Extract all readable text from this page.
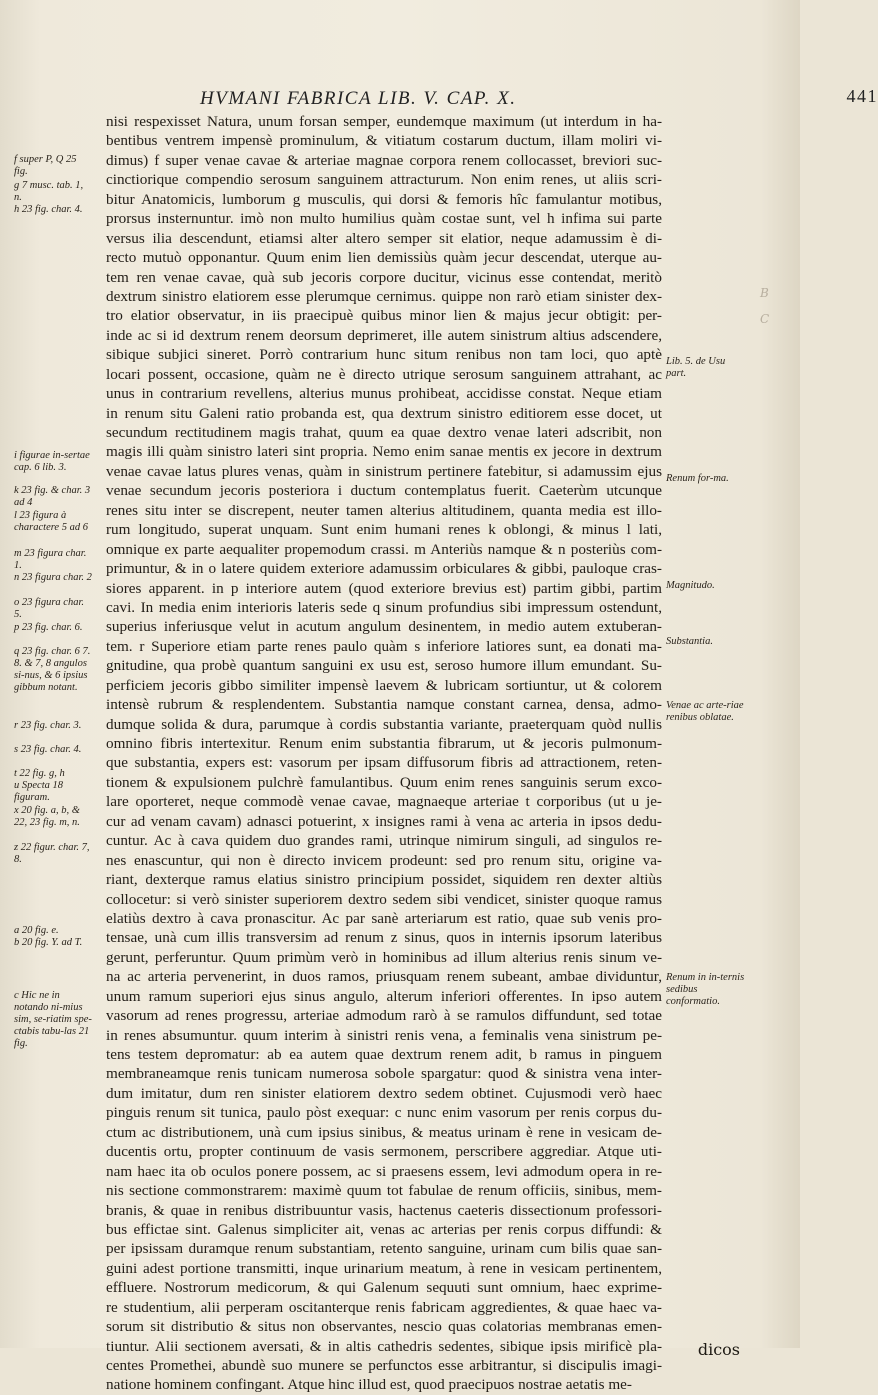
HVMANI FABRICA LIB. V. CAP. X.	441
nisi respexisset Natura, unum forsan semper, eundemque maximum (ut interdum in ha-
bentibus ventrem impensè prominulum, & vitiatum costarum ductum, illam moliri vi-
dimus) f super venae cavae & arteriae magnae corpora renem collocasset, breviori suc-
cinctiorique compendio serosum sanguinem attracturum. Non enim renes, ut aliis scri-
bitur Anatomicis, lumborum g musculis, qui dorsi & femoris hîc famulantur motibus,
prorsus insternuntur. imò non multo humilius quàm costae sunt, vel h infima sui parte
versus ilia descendunt, etiamsi alter altero semper sit elatior, neque adamussim è di-
recto mutuò opponantur. Quum enim lien demissiùs quàm jecur descendat, uterque au-
tem ren venae cavae, quà sub jecoris corpore ducitur, vicinus esse contendat, meritò
dextrum sinistro elatiorem esse plerumque cernimus. quippe non rarò etiam sinister dex-
tro elatior observatur, in iis praecipuè quibus minor lien & majus jecur obtigit: per-
inde ac si id dextrum renem deorsum deprimeret, ille autem sinistrum altius adscendere,
sibique subjici sineret. Porrò contrarium hunc situm renibus non tam loci, quo aptè
locari possent, occasione, quàm ne è directo utrique serosum sanguinem attrahant, ac
unus in contrarium revellens, alterius munus prohibeat, accidisse constat. Neque etiam
in renum situ Galeni ratio probanda est, qua dextrum sinistro editiorem esse docet, ut
secundum rectitudinem magis trahat, quum ea quae dextro venae lateri adscribit, non
magis illi quàm sinistro lateri sint propria. Nemo enim sanae mentis ex jecore in dextrum
venae cavae latus plures venas, quàm in sinistrum pertinere fatebitur, si adamussim ejus
venae secundum jecoris posteriora i ductum contemplatus fuerit. Caeterùm utcunque
renes situ inter se discrepent, neuter tamen alterius altitudinem, quanta media est illo-
rum longitudo, superat unquam. Sunt enim humani renes k oblongi, & minus l lati,
omnique ex parte aequaliter propemodum crassi. m Anteriùs namque & n posteriùs com-
primuntur, & in o latere quidem exteriore adamussim orbiculares & gibbi, pauloque cras-
siores apparent. in p interiore autem (quod exteriore brevius est) partim gibbi, partim
cavi. In media enim interioris lateris sede q sinum profundius sibi impressum ostendunt,
superius inferiusque velut in acutum angulum desinentem, in medio autem extuberan-
tem. r Superiore etiam parte renes paulo quàm s inferiore latiores sunt, ea donati ma-
gnitudine, qua probè quantum sanguini ex usu est, seroso humore illum emundant. Su-
perficiem jecoris gibbo similiter impensè laevem & lubricam sortiuntur, ut & colorem
intensè rubrum & resplendentem. Substantia namque constant carnea, densa, admo-
dumque solida & dura, parumque à cordis substantia variante, praeterquam quòd nullis
omnino fibris intertexitur. Renum enim substantia fibrarum, ut & jecoris pulmonum-
que substantia, expers est: vasorum per ipsam diffusorum fibris ad attractionem, reten-
tionem & expulsionem pulchrè famulantibus. Quum enim renes sanguinis serum exco-
lare oporteret, neque commodè venae cavae, magnaeque arteriae t corporibus (ut u je-
cur ad venam cavam) adnasci potuerint, x insignes rami à vena ac arteria in ipsos dedu-
cuntur. Ac à cava quidem duo grandes rami, utrinque nimirum singuli, ad singulos re-
nes enascuntur, qui non è directo invicem prodeunt: sed pro renum situ, origine va-
riant, dexterque ramus elatius sinistro principium possidet, siquidem ren dexter altiùs
collocetur: si verò sinister superiorem dextro sedem sibi vendicet, sinister quoque ramus
elatiùs dextro à cava pronascitur. Ac par sanè arteriarum est ratio, quae sub venis pro-
tensae, unà cum illis transversim ad renum z sinus, quos in internis ipsorum lateribus
gerunt, perferuntur. Quum primùm verò in hominibus ad illum alterius renis sinum ve-
na ac arteria pervenerint, in duos ramos, priusquam renem subeant, ambae dividuntur,
unum ramum superiori ejus sinus angulo, alterum inferiori offerentes. In ipso autem
vasorum ad renes progressu, arteriae admodum rarò à se ramulos diffundunt, sed totae
in renes absumuntur. quum interim à sinistri renis vena, a feminalis vena sinistrum pe-
tens testem depromatur: ab ea autem quae dextrum renem adit, b ramus in pinguem
membraneamque renis tunicam numerosa sobole spargatur: quod & sinistra vena inter-
dum imitatur, dum ren sinister elatiorem dextro sedem obtinet. Cujusmodi verò haec
pinguis renum sit tunica, paulo pòst exequar: c nunc enim vasorum per renis corpus du-
ctum ac distributionem, unà cum ipsius sinibus, & meatus urinam è rene in vesicam de-
ducentis ortu, propter continuum de vasis sermonem, perscribere aggrediar. Atque uti-
nam haec ita ob oculos ponere possem, ac si praesens essem, levi admodum opera in re-
nis sectione commonstrarem: maximè quum tot fabulae de renum officiis, sinibus, mem-
branis, & quae in renibus distribuuntur vasis, hactenus caeteris dissectionum professori-
bus effictae sint. Galenus simpliciter ait, venas ac arterias per renis corpus diffundi: &
per ipsissam duramque renum substantiam, retento sanguine, urinam cum bilis quae san-
guini adest portione transmitti, inque urinarium meatum, à rene in vesicam pertinentem,
effluere. Nostrorum medicorum, & qui Galenum sequuti sunt omnium, haec exprime-
re studentium, alii perperam oscitanterque renis fabricam aggredientes, & quae haec va-
sorum sit distributio & situs non observantes, nescio quas colatorias membranas emen-
tiuntur. Alii sectionem aversati, & in altis cathedris sedentes, sibique ipsis mirificè pla-
centes Promethei, abundè suo munere se perfunctos esse arbitrantur, si discipulis imagi-
natione hominem confingant. Atque hinc illud est, quod praecipuos nostrae aetatis me-
dicos
f super P, Q 25 fig.
g 7 musc. tab. 1, n.
h 23 fig. char. 4.
i figurae in-sertae cap. 6 lib. 3.
k 23 fig. & char. 3 ad 4
l 23 figura à charactere 5 ad 6
m 23 figura char. 1.
n 23 figura char. 2
o 23 figura char. 5.
p 23 fig. char. 6.
q 23 fig. char. 6 7. 8. & 7, 8 angulos si-nus, & 6 ipsius gibbum notant.
r 23 fig. char. 3.
s 23 fig. char. 4.
t 22 fig. g, h
u Specta 18 figuram.
x 20 fig. a, b, & 22, 23 fig. m, n.
z 22 figur. char. 7, 8.
a 20 fig. e.
b 20 fig. Y. ad T.
c Hic ne in notando ni-mius sim, se-riatim spe-ctabis tabu-las 21 fig.
Lib. 5. de Usu part.
Renum for-ma.
Magnitudo.
Substantia.
Venae ac arte-riae renibus oblatae.
Renum in in-ternis sedibus conformatio.
B
C
